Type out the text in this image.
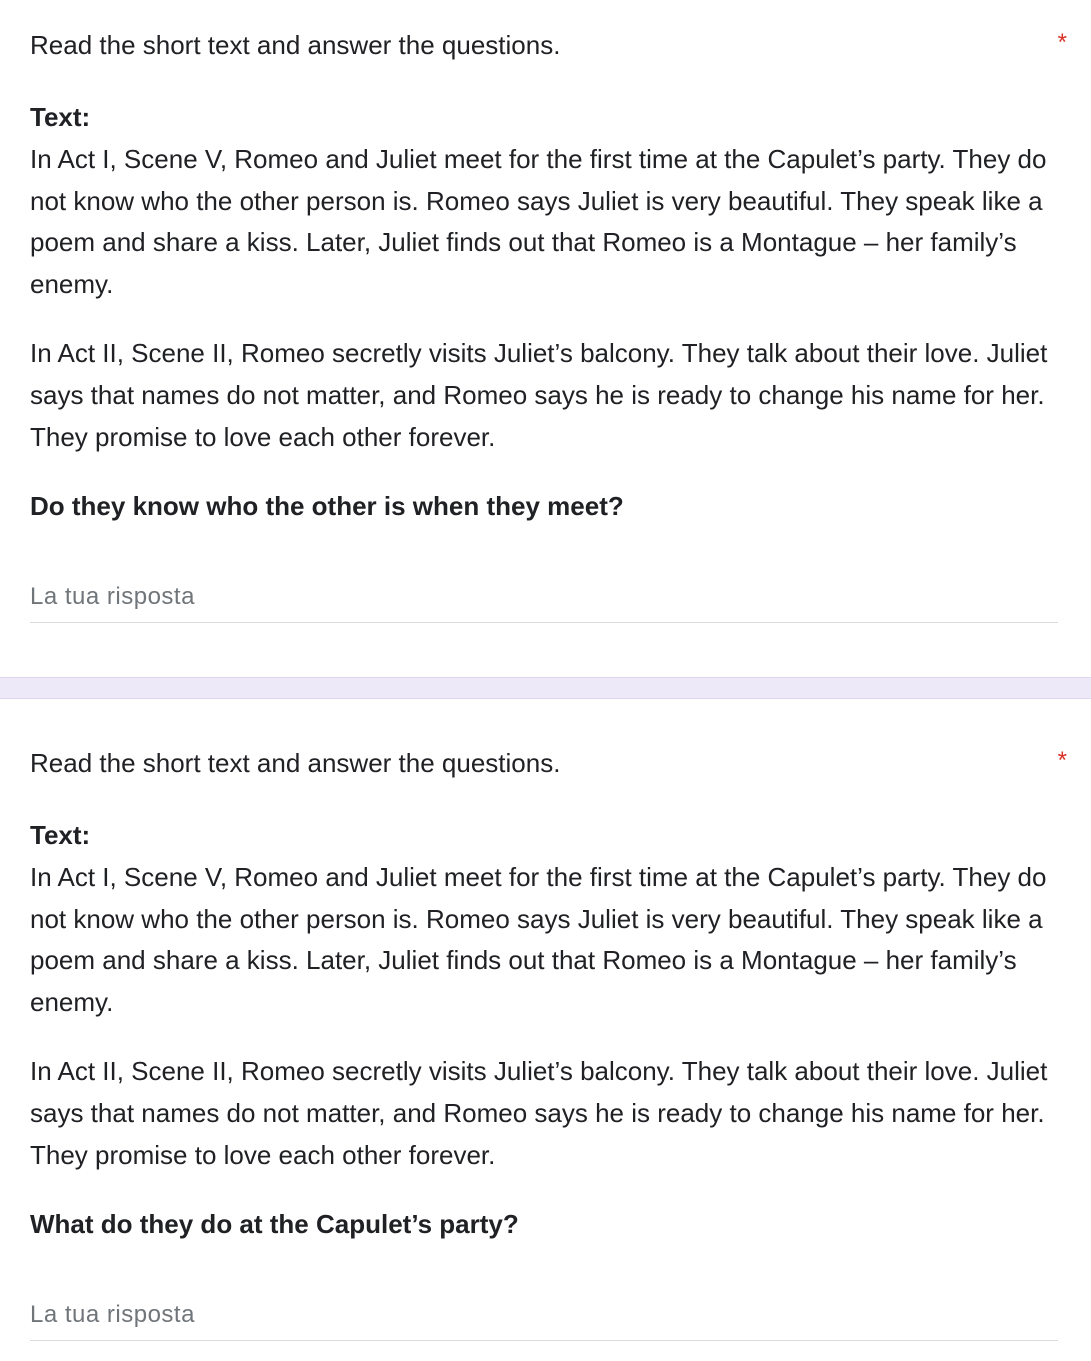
Read the short text and answer the questions.	*
Text:

In Act I, Scene V, Romeo and Juliet meet for the first time at the Capulet’s party. They do not know who the other person is. Romeo says Juliet is very beautiful. They speak like a poem and share a kiss. Later, Juliet finds out that Romeo is a Montague – her family’s enemy.

In Act II, Scene II, Romeo secretly visits Juliet’s balcony. They talk about their love. Juliet says that names do not matter, and Romeo says he is ready to change his name for her. They promise to love each other forever.

Do they know who the other is when they meet?
La tua risposta
Read the short text and answer the questions.	*
Text:

In Act I, Scene V, Romeo and Juliet meet for the first time at the Capulet’s party. They do not know who the other person is. Romeo says Juliet is very beautiful. They speak like a poem and share a kiss. Later, Juliet finds out that Romeo is a Montague – her family’s enemy.

In Act II, Scene II, Romeo secretly visits Juliet’s balcony. They talk about their love. Juliet says that names do not matter, and Romeo says he is ready to change his name for her. They promise to love each other forever.

What do they do at the Capulet’s party?
La tua risposta
